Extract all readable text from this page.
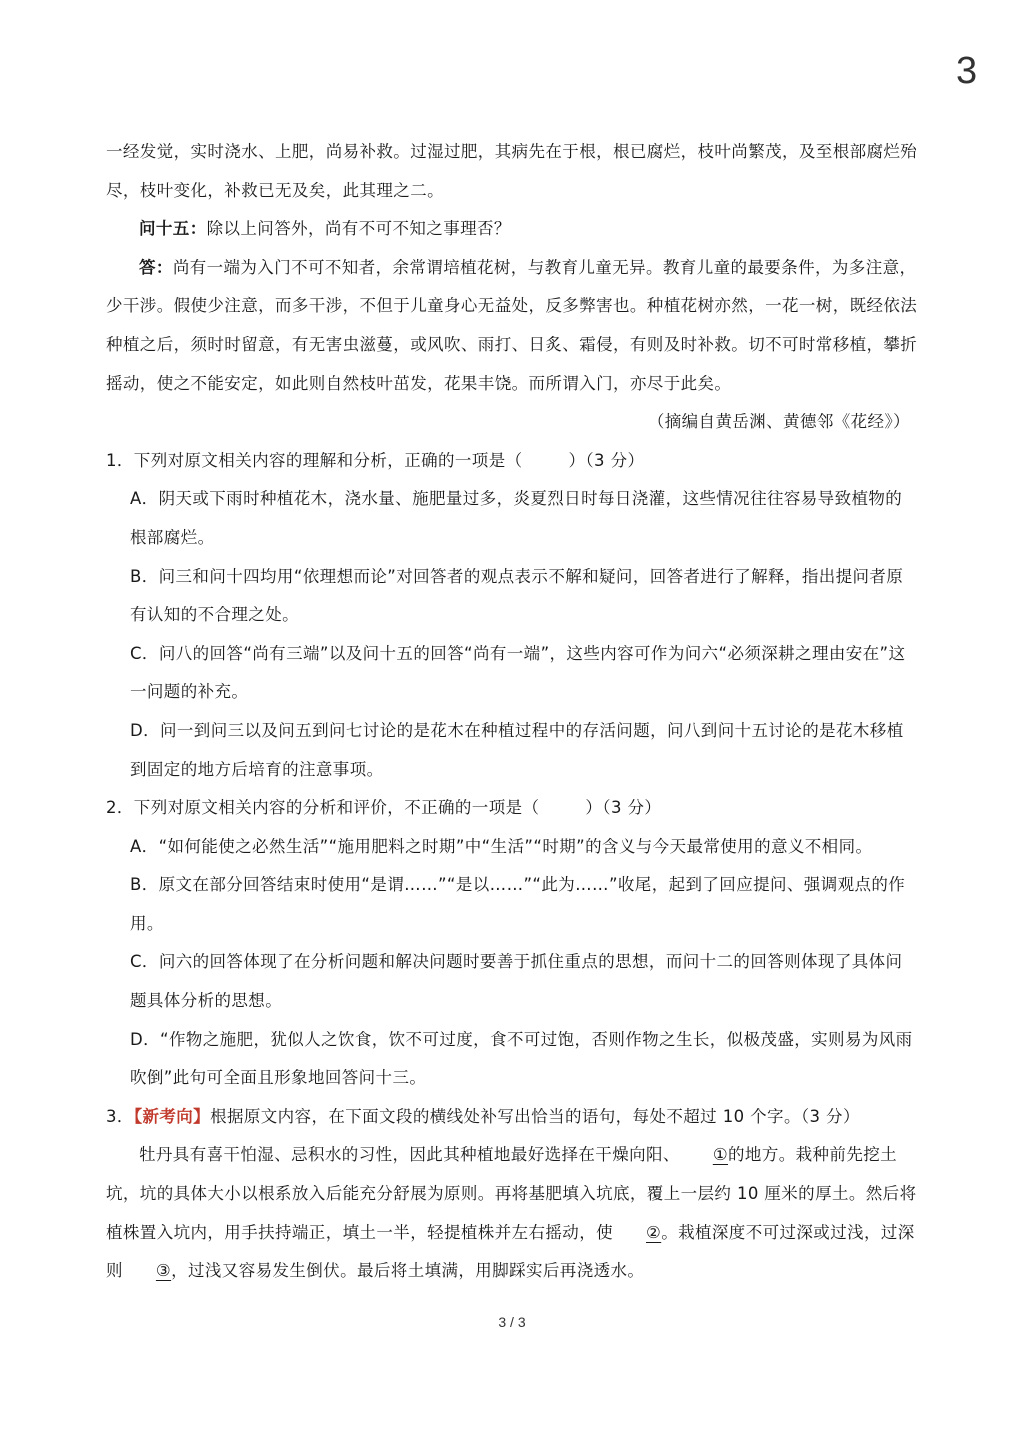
3

一经发觉，实时浇水、上肥，尚易补救。过湿过肥，其病先在于根，根已腐烂，枝叶尚繁茂，及至根部腐烂殆尽，枝叶变化，补救已无及矣，此其理之二。

问十五：除以上问答外，尚有不可不知之事理否？

答：尚有一端为入门不可不知者，余常谓培植花树，与教育儿童无异。教育儿童的最要条件，为多注意，少干涉。假使少注意，而多干涉，不但于儿童身心无益处，反多弊害也。种植花树亦然，一花一树，既经依法种植之后，须时时留意，有无害虫滋蔓，或风吹、雨打、日炙、霜侵，有则及时补救。切不可时常移植，攀折摇动，使之不能安定，如此则自然枝叶茁发，花果丰饶。而所谓入门，亦尽于此矣。

（摘编自黄岳渊、黄德邻《花经》）

1．下列对原文相关内容的理解和分析，正确的一项是（	）（3 分）

A．阴天或下雨时种植花木，浇水量、施肥量过多，炎夏烈日时每日浇灌，这些情况往往容易导致植物的根部腐烂。

B．问三和问十四均用“依理想而论”对回答者的观点表示不解和疑问，回答者进行了解释，指出提问者原有认知的不合理之处。

C．问八的回答“尚有三端”以及问十五的回答“尚有一端”，这些内容可作为问六“必须深耕之理由安在”这一问题的补充。

D．问一到问三以及问五到问七讨论的是花木在种植过程中的存活问题，问八到问十五讨论的是花木移植到固定的地方后培育的注意事项。

2．下列对原文相关内容的分析和评价，不正确的一项是（	）（3 分）

A．“如何能使之必然生活”“施用肥料之时期”中“生活”“时期”的含义与今天最常使用的意义不相同。

B．原文在部分回答结束时使用“是谓……”“是以……”“此为……”收尾，起到了回应提问、强调观点的作用。

C．问六的回答体现了在分析问题和解决问题时要善于抓住重点的思想，而问十二的回答则体现了具体问题具体分析的思想。

D．“作物之施肥，犹似人之饮食，饮不可过度，食不可过饱，否则作物之生长，似极茂盛，实则易为风雨吹倒”此句可全面且形象地回答问十三。

3．【新考向】根据原文内容，在下面文段的横线处补写出恰当的语句，每处不超过 10 个字。（3 分）

牡丹具有喜干怕湿、忌积水的习性，因此其种植地最好选择在干燥向阳、 ①的地方。栽种前先挖土坑，坑的具体大小以根系放入后能充分舒展为原则。再将基肥填入坑底，覆上一层约 10 厘米的厚土。然后将植株置入坑内，用手扶持端正，填土一半，轻提植株并左右摇动，使 ②。栽植深度不可过深或过浅，过深则 ③，过浅又容易发生倒伏。最后将土填满，用脚踩实后再浇透水。

3 / 3
